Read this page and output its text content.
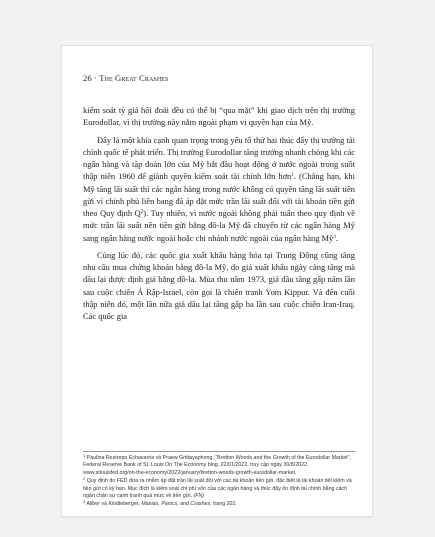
26 · The Great Crashes

kiểm soát tỷ giá hối đoái đều có thể bị “qua mặt” khi giao dịch trên thị trường Eurodollar, vì thị trường này nằm ngoài phạm vi quyền hạn của Mỹ.

Đây là một khía cạnh quan trọng trong yếu tố thứ hai thúc đẩy thị trường tài chính quốc tế phát triển. Thị trường Eurodollar tăng trưởng nhanh chóng khi các ngân hàng và tập đoàn lớn của Mỹ bắt đầu hoạt động ở nước ngoài trong suốt thập niên 1960 để giành quyền kiểm soát tài chính lớn hơn$^1$. (Chẳng hạn, khi Mỹ tăng lãi suất thì các ngân hàng trong nước không có quyền tăng lãi suất tiền gửi vì chính phủ liên bang đã áp đặt mức trần lãi suất đối với tài khoản tiền gửi theo Quy định $Q^2$). Tuy nhiên, vì nước ngoài không phải tuân theo quy định về mức trần lãi suất nên tiền gửi bằng đô-la Mỹ đã chuyển từ các ngân hàng Mỹ sang ngân hàng nước ngoài hoặc chi nhánh nước ngoài của ngân hàng Mỹ$^3$.

Cùng lúc đó, các quốc gia xuất khẩu hàng hóa tại Trung Đông cũng tăng nhu cầu mua chứng khoán bằng đô-la Mỹ, do giá xuất khẩu ngày càng tăng mà dầu lại được định giá bằng đô-la. Mùa thu năm 1973, giá dầu tăng gấp năm lần sau cuộc chiến Ả Rập-Israel, còn gọi là chiến tranh Yom Kippur. Và đến cuối thập niên đó, một lần nữa giá dầu lại tăng gấp ba lần sau cuộc chiến Iran-Iraq. Các quốc gia

$^1$ Paulina Restrepo Echavarria và Praew Grittayaphong, “Bretton Woods and the Growth of the Eurodollar Market”, Federal Reserve Bank of St. Louis On The Economy blog, 22/01/2022, truy cập ngày 30/8/2022, www.stlouisfed.org/on-the-economy/2022/january/bretton-woods-growth-eurodollar-market.

$^2$ Quy định do FED đưa ra nhằm áp đặt trần lãi suất đối với các tài khoản tiền gửi, đặc biệt là tài khoản tiết kiệm và tiền gửi có kỳ hạn. Mục đích là kiểm soát chi phí vốn của các ngân hàng và thúc đẩy ổn định tài chính bằng cách ngăn chặn sự cạnh tranh quá mức về tiền gửi. (FN)

$^3$ Aliber và Kindleberger, Manias, Panics, and Crashes, trang 202.
